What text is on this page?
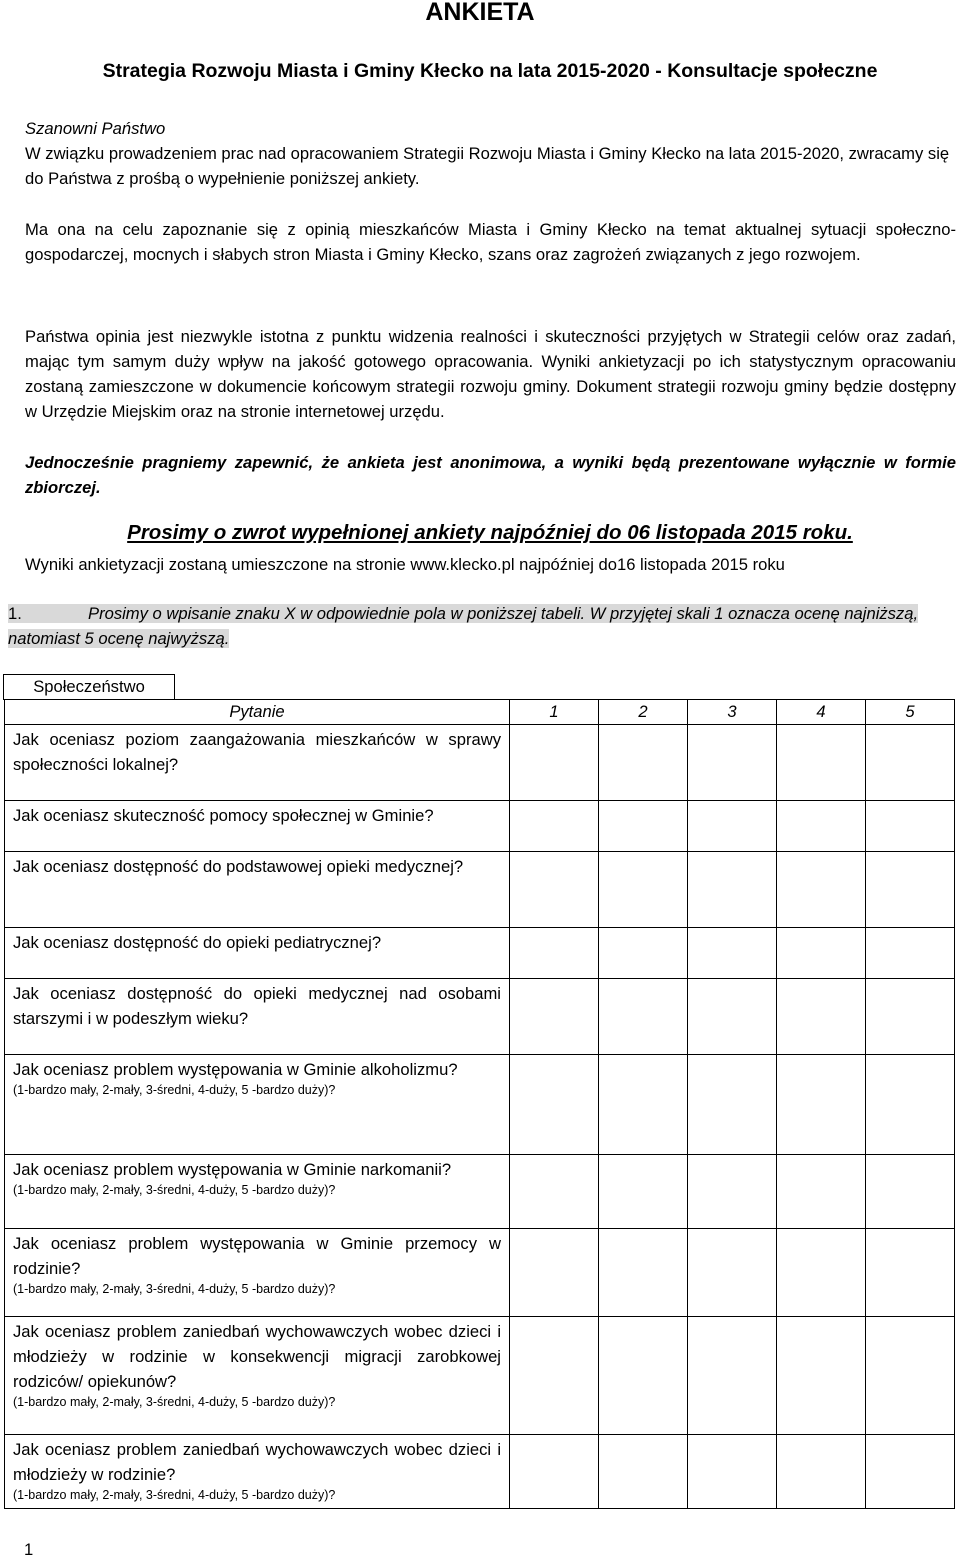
ANKIETA
Strategia Rozwoju Miasta i Gminy Kłecko na lata 2015-2020 - Konsultacje społeczne
Szanowni Państwo
W związku prowadzeniem prac nad opracowaniem Strategii Rozwoju Miasta i Gminy Kłecko na lata 2015-2020, zwracamy się do Państwa z prośbą o wypełnienie poniższej ankiety.
Ma ona na celu zapoznanie się z opinią mieszkańców Miasta i Gminy Kłecko na temat aktualnej sytuacji społeczno-gospodarczej, mocnych i słabych stron Miasta i Gminy Kłecko, szans oraz zagrożeń związanych z jego rozwojem.
Państwa opinia jest niezwykle istotna z punktu widzenia realności i skuteczności przyjętych w Strategii celów oraz zadań, mając tym samym duży wpływ na jakość gotowego opracowania. Wyniki ankietyzacji po ich statystycznym opracowaniu zostaną zamieszczone w dokumencie końcowym strategii rozwoju gminy. Dokument strategii rozwoju gminy będzie dostępny w Urzędzie Miejskim oraz na stronie internetowej urzędu.
Jednocześnie pragniemy zapewnić, że ankieta jest anonimowa, a wyniki będą prezentowane wyłącznie w formie zbiorczej.
Prosimy o zwrot wypełnionej ankiety najpóźniej do 06 listopada 2015 roku.
Wyniki ankietyzacji zostaną umieszczone na stronie www.klecko.pl najpóźniej do16 listopada 2015 roku
1.	Prosimy o wpisanie znaku X w odpowiednie pola w poniższej tabeli. W przyjętej skali 1 oznacza ocenę najniższą, natomiast 5 ocenę najwyższą.
Społeczeństwo
Pytanie	1	2	3	4	5
Jak oceniasz poziom zaangażowania mieszkańców w sprawy społeczności lokalnej?					
Jak oceniasz skuteczność pomocy społecznej w Gminie?					
Jak oceniasz dostępność do podstawowej opieki medycznej?					
Jak oceniasz dostępność do opieki pediatrycznej?					
Jak oceniasz dostępność do opieki medycznej nad osobami starszymi i w podeszłym wieku?					
Jak oceniasz problem występowania w Gminie alkoholizmu?
(1-bardzo mały, 2-mały, 3-średni, 4-duży, 5 -bardzo duży)?					

Jak oceniasz problem występowania w Gminie narkomanii?
(1-bardzo mały, 2-mały, 3-średni, 4-duży, 5 -bardzo duży)?					

Jak oceniasz problem występowania w Gminie przemocy w rodzinie?
(1-bardzo mały, 2-mały, 3-średni, 4-duży, 5 -bardzo duży)?					

Jak oceniasz problem zaniedbań wychowawczych wobec dzieci i młodzieży w rodzinie w konsekwencji migracji zarobkowej rodziców/ opiekunów?
(1-bardzo mały, 2-mały, 3-średni, 4-duży, 5 -bardzo duży)?					

Jak oceniasz problem zaniedbań wychowawczych wobec dzieci i młodzieży w rodzinie?
(1-bardzo mały, 2-mały, 3-średni, 4-duży, 5 -bardzo duży)?					

1
